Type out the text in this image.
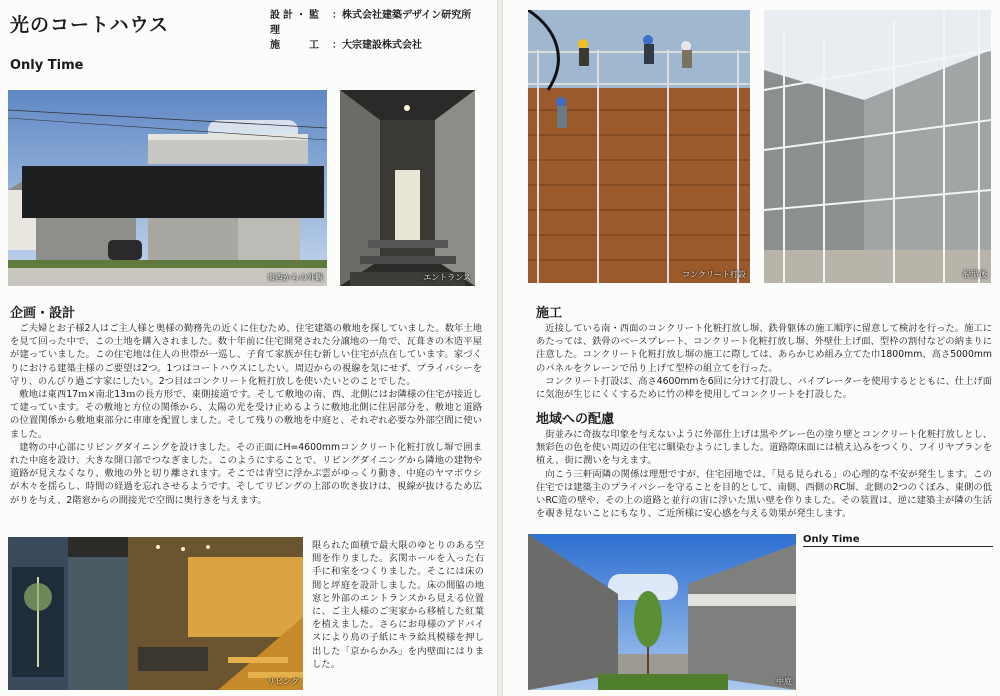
光のコートハウス	設計・監理
： 株式会社建築デザイン研究所
施　　工	： 大宗建設株式会社
Only Time
東西からの外観	エントランス
企画・設計

ご夫婦とお子様2人はご主人様と奥様の勤務先の近くに住むため、住宅建築の敷地を探していました。数年土地を見て回った中で、この土地を購入されました。数十年前に住宅開発された分譲地の一角で、瓦葺きの木造平屋が建っていました。この住宅地は住人の世帯が一巡し、子育て家族が住む新しい住宅が点在しています。家づくりにおける建築主様のご要望は2つ。1つはコートハウスにしたい。周辺からの視線を気にせず、プライバシーを守り、のんびり過ごす家にしたい。2つ目はコンクリート化粧打放しを使いたいとのことでした。

敷地は東西17ｍ×南北13ｍの長方形で、東側接道です。そして敷地の南、西、北側にはお隣様の住宅が接近して建っています。その敷地と方位の関係から、太陽の光を受け止めるように敷地北側に住居部分を、敷地と道路の位置関係から敷地東部分に車庫を配置しました。そして残りの敷地を中庭と、それぞれ必要な外部空間に使いました。

建物の中心部にリビングダイニングを設けました。その正面にH=4600mmコンクリート化粧打放し塀で囲まれた中庭を設け、大きな開口部でつなぎました。このようにすることで、リビングダイニングから隣地の建物や道路が見えなくなり、敷地の外と切り離されます。そこでは青空に浮かぶ雲がゆっくり動き、中庭のヤマボウシが木々を揺らし、時間の経過を忘れさせるようです。そしてリビングの上部の吹き抜けは、視線が抜けるため広がりを与え、2階窓からの間接光で空間に奥行きを与えます。

リビング
限られた面積で最大限のゆとりのある空間を作りました。玄関ホールを入った右手に和室をつくりました。そこには床の間と坪庭を設計しました。床の間脇の地窓と外部のエントランスから見える位置に、ご主人様のご実家から移植した紅葉を植えました。さらにお母様のアドバイスにより鳥の子紙にキラ絵具模様を押し出した「京からかみ」を内壁面にはりました。
コンクリート打設	脱型後
施工

近接している南・西面のコンクリート化粧打放し塀、鉄骨躯体の施工順序に留意して検討を行った。施工にあたっては、鉄骨のベースプレート、コンクリート化粧打放し塀、外壁仕上げ面、型枠の割付などの納まりに注意した。コンクリート化粧打放し塀の施工に際しては、あらかじめ組み立てた巾1800mm、高さ5000mmのパネルをクレーンで吊り上げて型枠の組立てを行った。

コンクリート打設は、高さ4600mmを6回に分けて打設し、バイブレーターを使用するとともに、仕上げ面に気泡が生じにくくするために竹の棒を使用してコンクリートを打設した。

地域への配慮

街並みに奇抜な印象を与えないように外部仕上げは黒やグレー色の塗り壁とコンクリート化粧打放しとし、無彩色の色を使い周辺の住宅に馴染むようにしました。道路際床面には植え込みをつくり、フイリヤブランを植え、街に潤いを与えます。

向こう三軒両隣の関係は理想ですが、住宅団地では、「見る見られる」の心理的な不安が発生します。この住宅では建築主のプライバシーを守ることを目的として、南側、西側のRC塀、北側の2つのくぼみ、東側の低いRC造の壁や、その上の道路と並行の宙に浮いた黒い壁を作りました。その装置は、逆に建築主が隣の生活を覗き見ないことにもなり、ご近所様に安心感を与える効果が発生します。

中庭
Only Time
